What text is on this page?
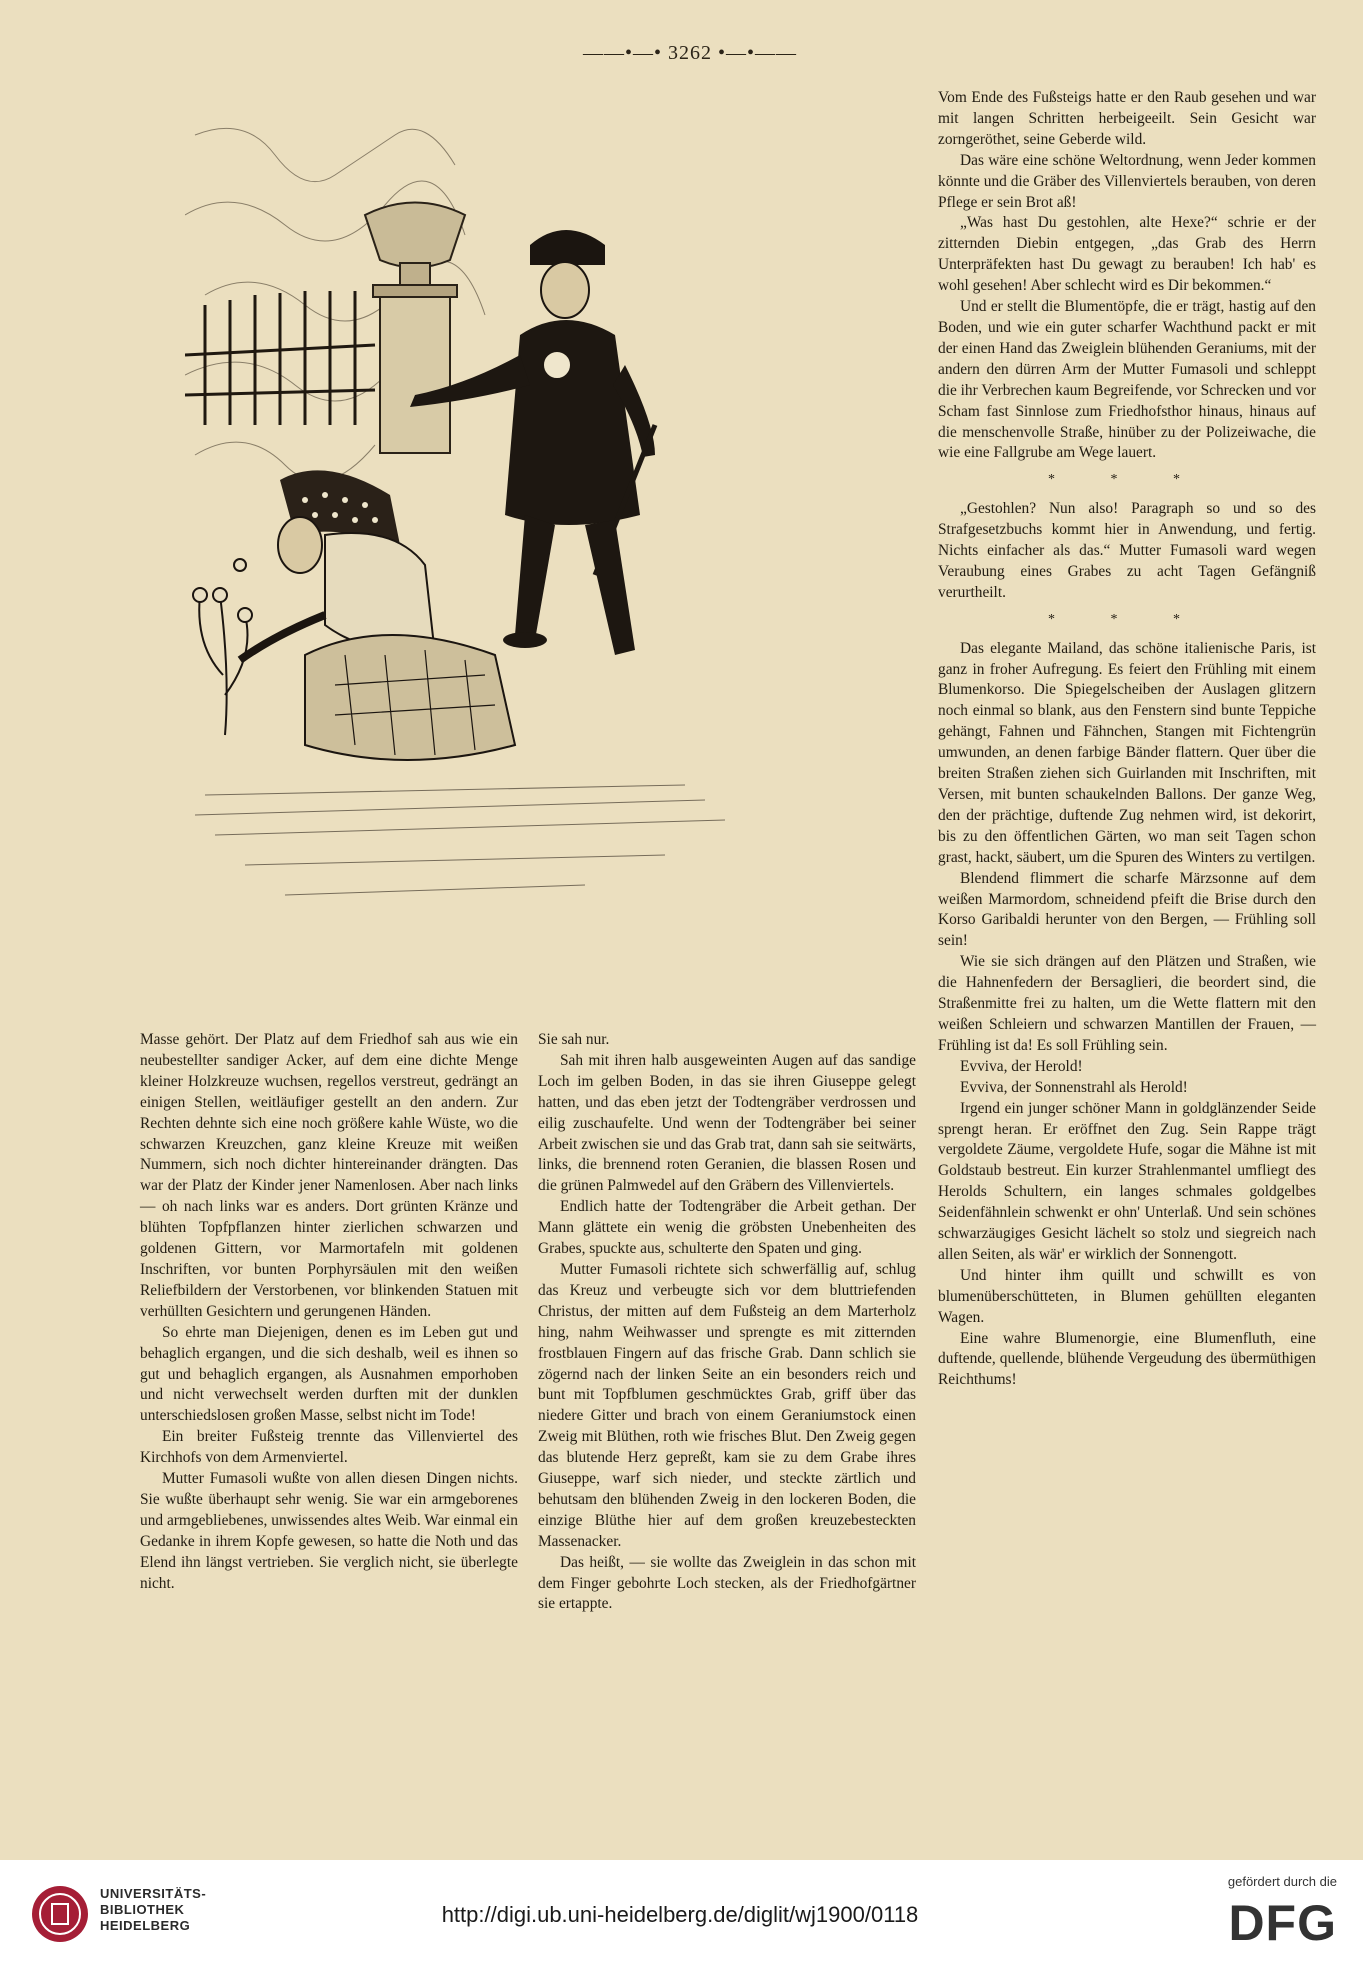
——•—• 3262 •—•——

Vom Ende des Fußsteigs hatte er den Raub gesehen und war mit langen Schritten herbeigeeilt. Sein Gesicht war zorngeröthet, seine Geberde wild.

Das wäre eine schöne Weltordnung, wenn Jeder kommen könnte und die Gräber des Villenviertels berauben, von deren Pflege er sein Brot aß!

„Was hast Du gestohlen, alte Hexe?“ schrie er der zitternden Diebin entgegen, „das Grab des Herrn Unterpräfekten hast Du gewagt zu berauben! Ich hab' es wohl gesehen! Aber schlecht wird es Dir bekommen.“

Und er stellt die Blumentöpfe, die er trägt, hastig auf den Boden, und wie ein guter scharfer Wachthund packt er mit der einen Hand das Zweiglein blühenden Geraniums, mit der andern den dürren Arm der Mutter Fumasoli und schleppt die ihr Verbrechen kaum Begreifende, vor Schrecken und vor Scham fast Sinnlose zum Friedhofsthor hinaus, hinaus auf die menschenvolle Straße, hinüber zu der Polizeiwache, die wie eine Fallgrube am Wege lauert.

* * *

„Gestohlen? Nun also! Paragraph so und so des Strafgesetzbuchs kommt hier in Anwendung, und fertig. Nichts einfacher als das.“ Mutter Fumasoli ward wegen Veraubung eines Grabes zu acht Tagen Gefängniß verurtheilt.

* * *

Das elegante Mailand, das schöne italienische Paris, ist ganz in froher Aufregung. Es feiert den Frühling mit einem Blumenkorso. Die Spiegelscheiben der Auslagen glitzern noch einmal so blank, aus den Fenstern sind bunte Teppiche gehängt, Fahnen und Fähnchen, Stangen mit Fichtengrün umwunden, an denen farbige Bänder flattern. Quer über die breiten Straßen ziehen sich Guirlanden mit Inschriften, mit Versen, mit bunten schaukelnden Ballons. Der ganze Weg, den der prächtige, duftende Zug nehmen wird, ist dekorirt, bis zu den öffentlichen Gärten, wo man seit Tagen schon grast, hackt, säubert, um die Spuren des Winters zu vertilgen.

Blendend flimmert die scharfe Märzsonne auf dem weißen Marmordom, schneidend pfeift die Brise durch den Korso Garibaldi herunter von den Bergen, — Frühling soll sein!

Wie sie sich drängen auf den Plätzen und Straßen, wie die Hahnenfedern der Bersaglieri, die beordert sind, die Straßenmitte frei zu halten, um die Wette flattern mit den weißen Schleiern und schwarzen Mantillen der Frauen, — Frühling ist da! Es soll Frühling sein.

Evviva, der Herold!

Evviva, der Sonnenstrahl als Herold!

Irgend ein junger schöner Mann in goldglänzender Seide sprengt heran. Er eröffnet den Zug. Sein Rappe trägt vergoldete Zäume, vergoldete Hufe, sogar die Mähne ist mit Goldstaub bestreut. Ein kurzer Strahlenmantel umfliegt des Herolds Schultern, ein langes schmales goldgelbes Seidenfähnlein schwenkt er ohn' Unterlaß. Und sein schönes schwarzäugiges Gesicht lächelt so stolz und siegreich nach allen Seiten, als wär' er wirklich der Sonnengott.

Und hinter ihm quillt und schwillt es von blumenüberschütteten, in Blumen gehüllten eleganten Wagen.

Eine wahre Blumenorgie, eine Blumenfluth, eine duftende, quellende, blühende Vergeudung des übermüthigen Reichthums!

Masse gehört. Der Platz auf dem Friedhof sah aus wie ein neubestellter sandiger Acker, auf dem eine dichte Menge kleiner Holzkreuze wuchsen, regellos verstreut, gedrängt an einigen Stellen, weitläufiger gestellt an den andern. Zur Rechten dehnte sich eine noch größere kahle Wüste, wo die schwarzen Kreuzchen, ganz kleine Kreuze mit weißen Nummern, sich noch dichter hintereinander drängten. Das war der Platz der Kinder jener Namenlosen. Aber nach links — oh nach links war es anders. Dort grünten Kränze und blühten Topfpflanzen hinter zierlichen schwarzen und goldenen Gittern, vor Marmortafeln mit goldenen Inschriften, vor bunten Porphyrsäulen mit den weißen Reliefbildern der Verstorbenen, vor blinkenden Statuen mit verhüllten Gesichtern und gerungenen Händen.

So ehrte man Diejenigen, denen es im Leben gut und behaglich ergangen, und die sich deshalb, weil es ihnen so gut und behaglich ergangen, als Ausnahmen emporhoben und nicht verwechselt werden durften mit der dunklen unterschiedslosen großen Masse, selbst nicht im Tode!

Ein breiter Fußsteig trennte das Villenviertel des Kirchhofs von dem Armenviertel.

Mutter Fumasoli wußte von allen diesen Dingen nichts. Sie wußte überhaupt sehr wenig. Sie war ein armgeborenes und armgebliebenes, unwissendes altes Weib. War einmal ein Gedanke in ihrem Kopfe gewesen, so hatte die Noth und das Elend ihn längst vertrieben. Sie verglich nicht, sie überlegte nicht.

Sie sah nur.

Sah mit ihren halb ausgeweinten Augen auf das sandige Loch im gelben Boden, in das sie ihren Giuseppe gelegt hatten, und das eben jetzt der Todtengräber verdrossen und eilig zuschaufelte. Und wenn der Todtengräber bei seiner Arbeit zwischen sie und das Grab trat, dann sah sie seitwärts, links, die brennend roten Geranien, die blassen Rosen und die grünen Palmwedel auf den Gräbern des Villenviertels.

Endlich hatte der Todtengräber die Arbeit gethan. Der Mann glättete ein wenig die gröbsten Unebenheiten des Grabes, spuckte aus, schulterte den Spaten und ging.

Mutter Fumasoli richtete sich schwerfällig auf, schlug das Kreuz und verbeugte sich vor dem bluttriefenden Christus, der mitten auf dem Fußsteig an dem Marterholz hing, nahm Weihwasser und sprengte es mit zitternden frostblauen Fingern auf das frische Grab. Dann schlich sie zögernd nach der linken Seite an ein besonders reich und bunt mit Topfblumen geschmücktes Grab, griff über das niedere Gitter und brach von einem Geraniumstock einen Zweig mit Blüthen, roth wie frisches Blut. Den Zweig gegen das blutende Herz gepreßt, kam sie zu dem Grabe ihres Giuseppe, warf sich nieder, und steckte zärtlich und behutsam den blühenden Zweig in den lockeren Boden, die einzige Blüthe hier auf dem großen kreuzebesteckten Massenacker.

Das heißt, — sie wollte das Zweiglein in das schon mit dem Finger gebohrte Loch stecken, als der Friedhofgärtner sie ertappte.

UNIVERSITÄTS-
BIBLIOTHEK
HEIDELBERG	http://digi.ub.uni-heidelberg.de/diglit/wj1900/0118
gefördert durch die
DFG
